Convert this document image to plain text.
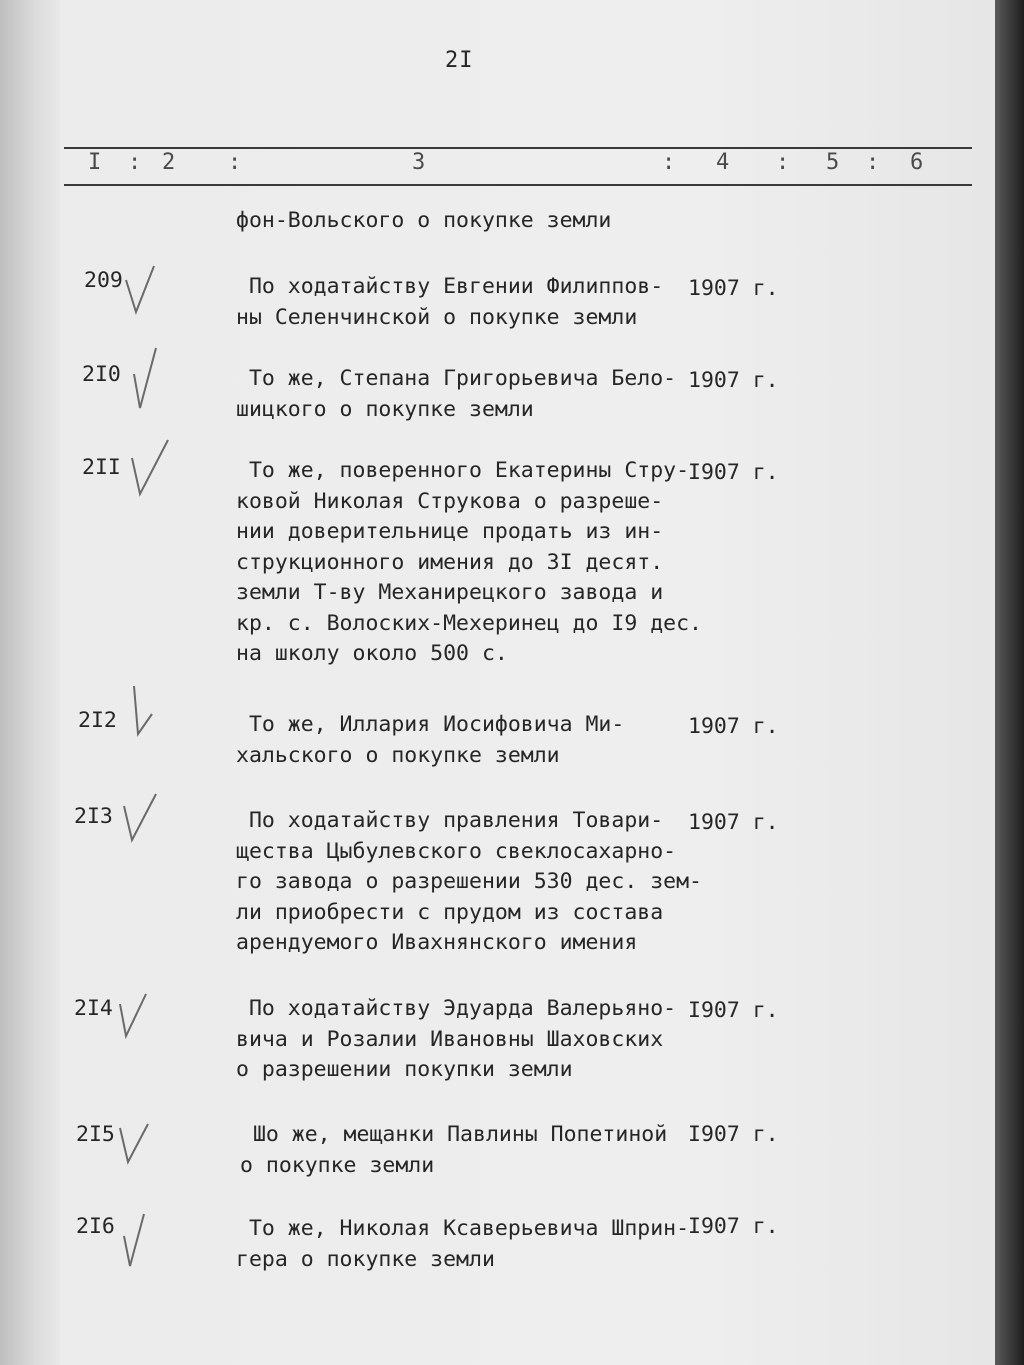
2I
I : 2 :	3	: 4 : 5 : 6
фон-Вольского о покупке земли
209	По ходатайству Евгении Филиппов-
ны Селенчинской о покупке земли
1907 г.
2I0	То же, Степана Григорьевича Бело-
шицкого о покупке земли
1907 г.
2II	То же, поверенного Екатерины Стру-
ковой Николая Струкова о разреше-
нии доверительнице продать из ин-
струкционного имения до 3I десят.
земли Т-ву Механирецкого завода и
кр. с. Волоских-Мехеринец до I9 дес.
на школу около 500 с.
I907 г.
2I2	То же, Иллария Иосифовича Ми-
хальского о покупке земли
1907 г.
2I3	По ходатайству правления Товари-
щества Цыбулевского свеклосахарно-
го завода о разрешении 530 дес. зем-
ли приобрести с прудом из состава
арендуемого Ивахнянского имения
1907 г.
2I4	По ходатайству Эдуарда Валерьяно-
вича и Розалии Ивановны Шаховских
о разрешении покупки земли
I907 г.
2I5	Шо же, мещанки Павлины Попетиной
о покупке земли
I907 г.
2I6	То же, Николая Ксаверьевича Шприн-
гера о покупке земли
I907 г.
